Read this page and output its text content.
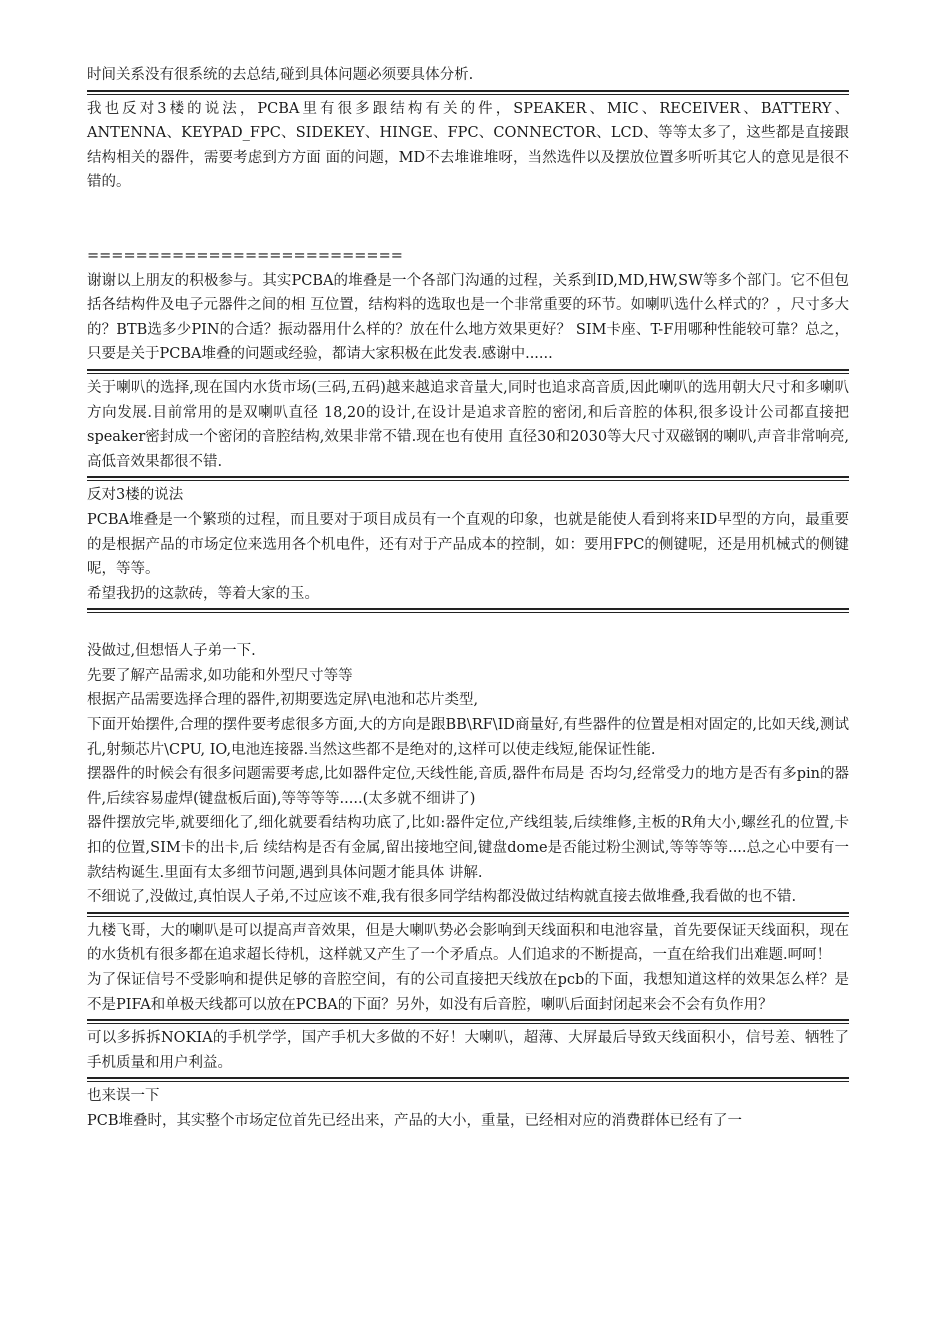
时间关系没有很系统的去总结,碰到具体问题必须要具体分析.

我也反对3楼的说法，PCBA里有很多跟结构有关的件，SPEAKER、MIC、RECEIVER、BATTERY、ANTENNA、KEYPAD_FPC、SIDEKEY、HINGE、FPC、CONNECTOR、LCD、等等太多了，这些都是直接跟结构相关的器件，需要考虑到方方面 面的问题，MD不去堆谁堆呀，当然选件以及摆放位置多听听其它人的意见是很不错的。

==========================

谢谢以上朋友的积极参与。其实PCBA的堆叠是一个各部门沟通的过程，关系到ID,MD,HW,SW等多个部门。它不但包括各结构件及电子元器件之间的相 互位置，结构料的选取也是一个非常重要的环节。如喇叭选什么样式的？，尺寸多大的？BTB选多少PIN的合适？振动器用什么样的？放在什么地方效果更好？ SIM卡座、T-F用哪种性能较可靠？总之，只要是关于PCBA堆叠的问题或经验，都请大家积极在此发表.感谢中......

关于喇叭的选择,现在国内水货市场(三码,五码)越来越追求音量大,同时也追求高音质,因此喇叭的选用朝大尺寸和多喇叭方向发展.目前常用的是双喇叭直径 18,20的设计,在设计是追求音腔的密闭,和后音腔的体积,很多设计公司都直接把speaker密封成一个密闭的音腔结构,效果非常不错.现在也有使用 直径30和2030等大尺寸双磁钢的喇叭,声音非常响亮,高低音效果都很不错.

反对3楼的说法

PCBA堆叠是一个繁琐的过程，而且要对于项目成员有一个直观的印象，也就是能使人看到将来ID早型的方向，最重要的是根据产品的市场定位来选用各个机电件，还有对于产品成本的控制，如：要用FPC的侧键呢，还是用机械式的侧键呢，等等。

希望我扔的这款砖，等着大家的玉。

没做过,但想悟人子弟一下.

先要了解产品需求,如功能和外型尺寸等等

根据产品需要选择合理的器件,初期要选定屏\电池和芯片类型,

下面开始摆件,合理的摆件要考虑很多方面,大的方向是跟BB\RF\ID商量好,有些器件的位置是相对固定的,比如天线,测试孔,射频芯片\CPU, IO,电池连接器.当然这些都不是绝对的,这样可以使走线短,能保证性能.

摆器件的时候会有很多问题需要考虑,比如器件定位,天线性能,音质,器件布局是 否均匀,经常受力的地方是否有多pin的器件,后续容易虚焊(键盘板后面),等等等等.....(太多就不细讲了)

器件摆放完毕,就要细化了,细化就要看结构功底了,比如:器件定位,产线组装,后续维修,主板的R角大小,螺丝孔的位置,卡扣的位置,SIM卡的出卡,后 续结构是否有金属,留出接地空间,键盘dome是否能过粉尘测试,等等等等....总之心中要有一款结构诞生.里面有太多细节问题,遇到具体问题才能具体 讲解.

不细说了,没做过,真怕误人子弟,不过应该不难,我有很多同学结构都没做过结构就直接去做堆叠,我看做的也不错.

九楼飞哥，大的喇叭是可以提高声音效果，但是大喇叭势必会影响到天线面积和电池容量，首先要保证天线面积，现在的水货机有很多都在追求超长待机，这样就又产生了一个矛盾点。人们追求的不断提高，一直在给我们出难题.呵呵！

为了保证信号不受影响和提供足够的音腔空间，有的公司直接把天线放在pcb的下面，我想知道这样的效果怎么样？是不是PIFA和单极天线都可以放在PCBA的下面？另外，如没有后音腔，喇叭后面封闭起来会不会有负作用？

可以多拆拆NOKIA的手机学学，国产手机大多做的不好！大喇叭，超薄、大屏最后导致天线面积小，信号差、牺牲了手机质量和用户利益。

也来误一下

PCB堆叠时，其实整个市场定位首先已经出来，产品的大小，重量，已经相对应的消费群体已经有了一
